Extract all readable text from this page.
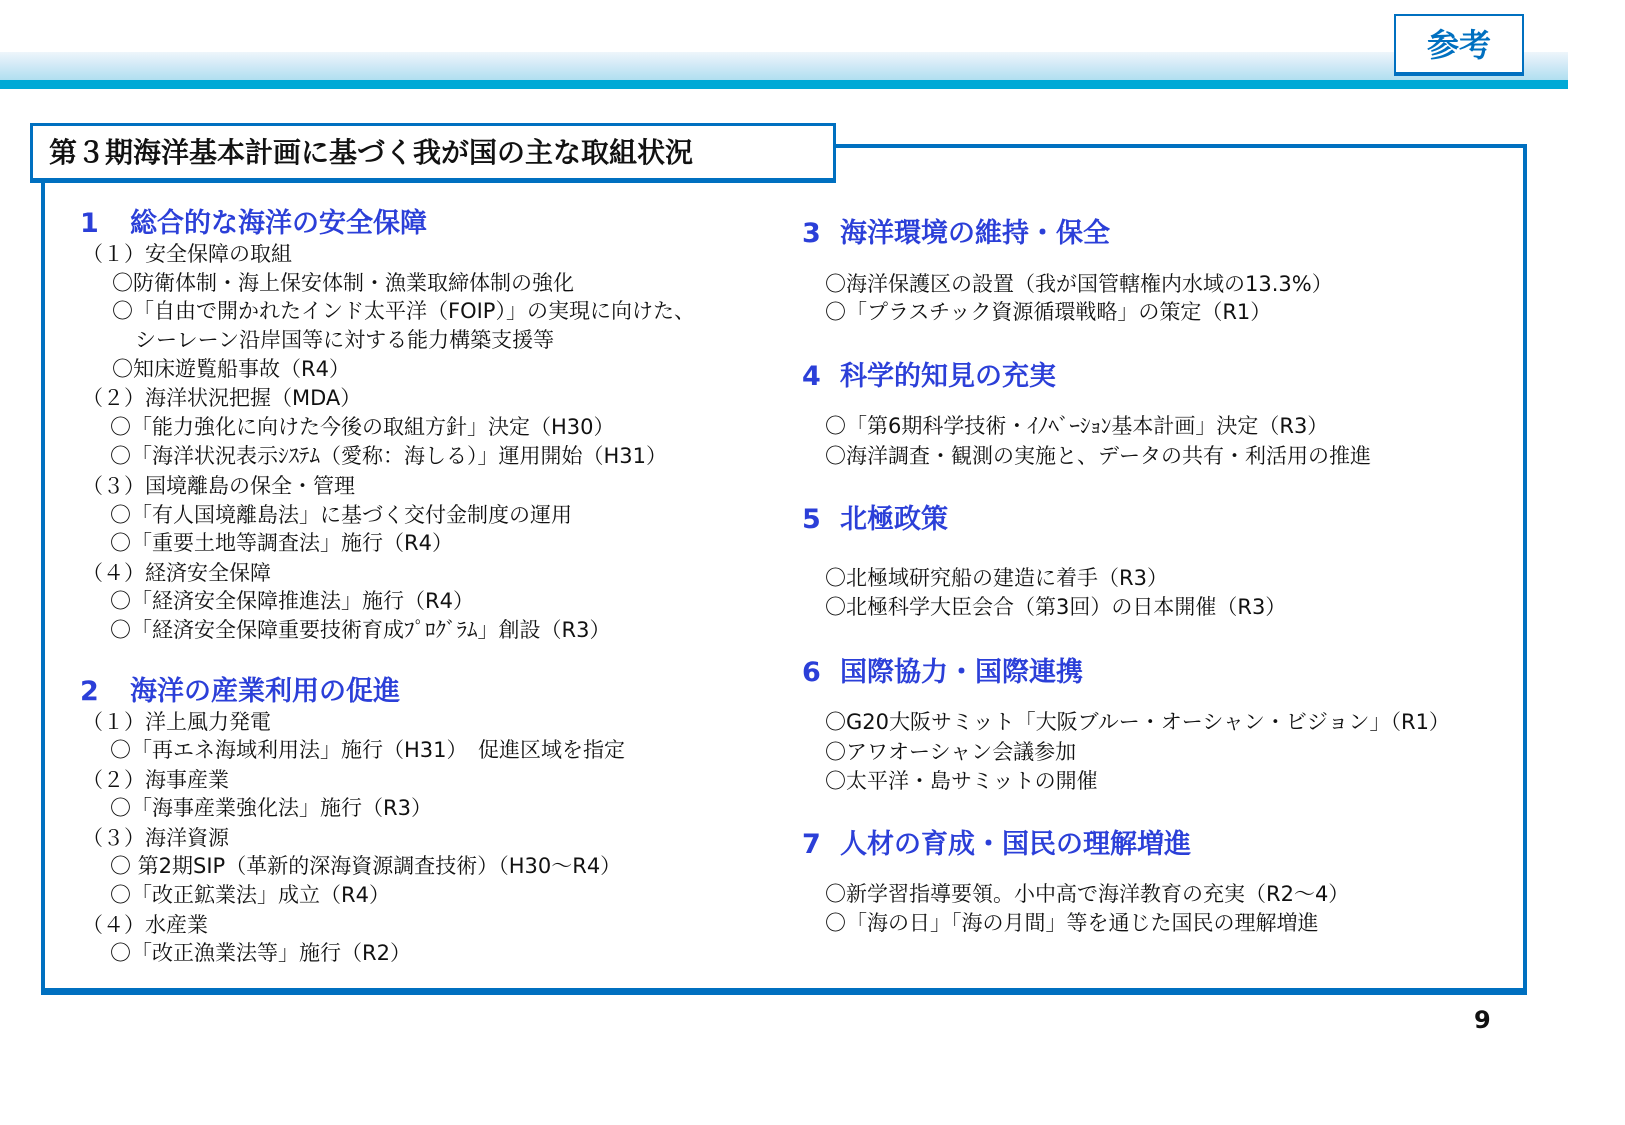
参考
第３期海洋基本計画に基づく我が国の主な取組状況
1 総合的な海洋の安全保障
（１）安全保障の取組
〇防衛体制・海上保安体制・漁業取締体制の強化
〇「自由で開かれたインド太平洋（FOIP）」の実現に向けた、
シーレーン沿岸国等に対する能力構築支援等
〇知床遊覧船事故（R4）
（２）海洋状況把握（MDA）
〇「能力強化に向けた今後の取組方針」決定（H30）
〇「海洋状況表示ｼｽﾃﾑ（愛称：海しる）」運用開始（H31）
（３）国境離島の保全・管理
〇「有人国境離島法」に基づく交付金制度の運用
〇「重要土地等調査法」施行（R4）
（４）経済安全保障
〇「経済安全保障推進法」施行（R4）
〇「経済安全保障重要技術育成ﾌﾟﾛｸﾞﾗﾑ」創設（R3）
2 海洋の産業利用の促進
（１）洋上風力発電
〇「再エネ海域利用法」施行（H31）　促進区域を指定
（２）海事産業
〇「海事産業強化法」施行（R3）
（３）海洋資源
〇 第2期SIP（革新的深海資源調査技術）（H30～R4）
〇「改正鉱業法」成立（R4）
（４）水産業
〇「改正漁業法等」施行（R2）
3 海洋環境の維持・保全
〇海洋保護区の設置（我が国管轄権内水域の13.3%）
〇「プラスチック資源循環戦略」の策定（R1）
4 科学的知見の充実
〇「第6期科学技術・ｲﾉﾍﾞｰｼｮﾝ基本計画」決定（R3）
〇海洋調査・観測の実施と、データの共有・利活用の推進
5 北極政策
〇北極域研究船の建造に着手（R3）
〇北極科学大臣会合（第3回）の日本開催（R3）
6 国際協力・国際連携
〇G20大阪サミット「大阪ブルー・オーシャン・ビジョン」（R1）
〇アワオーシャン会議参加
〇太平洋・島サミットの開催
7 人材の育成・国民の理解増進
〇新学習指導要領。小中高で海洋教育の充実（R2～4）
〇「海の日」「海の月間」等を通じた国民の理解増進
9
